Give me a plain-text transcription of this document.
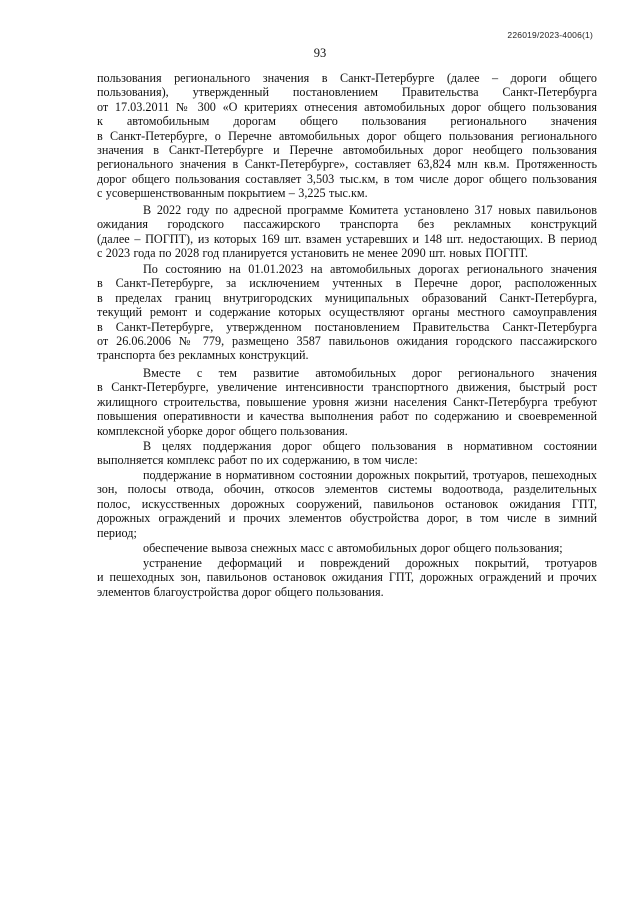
226019/2023-4006(1)
93
пользования регионального значения в Санкт-Петербурге (далее – дороги общего
пользования), утвержденный постановлением Правительства Санкт-Петербурга
от 17.03.2011 № 300 «О критериях отнесения автомобильных дорог общего пользования
к автомобильным дорогам общего пользования регионального значения
в Санкт-Петербурге, о Перечне автомобильных дорог общего пользования регионального
значения в Санкт-Петербурге и Перечне автомобильных дорог необщего пользования
регионального значения в Санкт-Петербурге», составляет 63,824 млн кв.м. Протяженность
дорог общего пользования составляет 3,503 тыс.км, в том числе дорог общего пользования
с усовершенствованным покрытием – 3,225 тыс.км.
В 2022 году по адресной программе Комитета установлено 317 новых павильонов
ожидания городского пассажирского транспорта без рекламных конструкций
(далее – ПОГПТ), из которых 169 шт. взамен устаревших и 148 шт. недостающих. В период
с 2023 года по 2028 год планируется установить не менее 2090 шт. новых ПОГПТ.
По состоянию на 01.01.2023 на автомобильных дорогах регионального значения
в Санкт-Петербурге, за исключением учтенных в Перечне дорог, расположенных
в пределах границ внутригородских муниципальных образований Санкт-Петербурга,
текущий ремонт и содержание которых осуществляют органы местного самоуправления
в Санкт-Петербурге, утвержденном постановлением Правительства Санкт-Петербурга
от 26.06.2006 № 779, размещено 3587 павильонов ожидания городского пассажирского
транспорта без рекламных конструкций.
Вместе с тем развитие автомобильных дорог регионального значения
в Санкт-Петербурге, увеличение интенсивности транспортного движения, быстрый рост
жилищного строительства, повышение уровня жизни населения Санкт-Петербурга требуют
повышения оперативности и качества выполнения работ по содержанию и своевременной
комплексной уборке дорог общего пользования.
В целях поддержания дорог общего пользования в нормативном состоянии
выполняется комплекс работ по их содержанию, в том числе:
поддержание в нормативном состоянии дорожных покрытий, тротуаров, пешеходных
зон, полосы отвода, обочин, откосов элементов системы водоотвода, разделительных
полос, искусственных дорожных сооружений, павильонов остановок ожидания ГПТ,
дорожных ограждений и прочих элементов обустройства дорог, в том числе в зимний
период;
обеспечение вывоза снежных масс с автомобильных дорог общего пользования;
устранение деформаций и повреждений дорожных покрытий, тротуаров
и пешеходных зон, павильонов остановок ожидания ГПТ, дорожных ограждений и прочих
элементов благоустройства дорог общего пользования.
